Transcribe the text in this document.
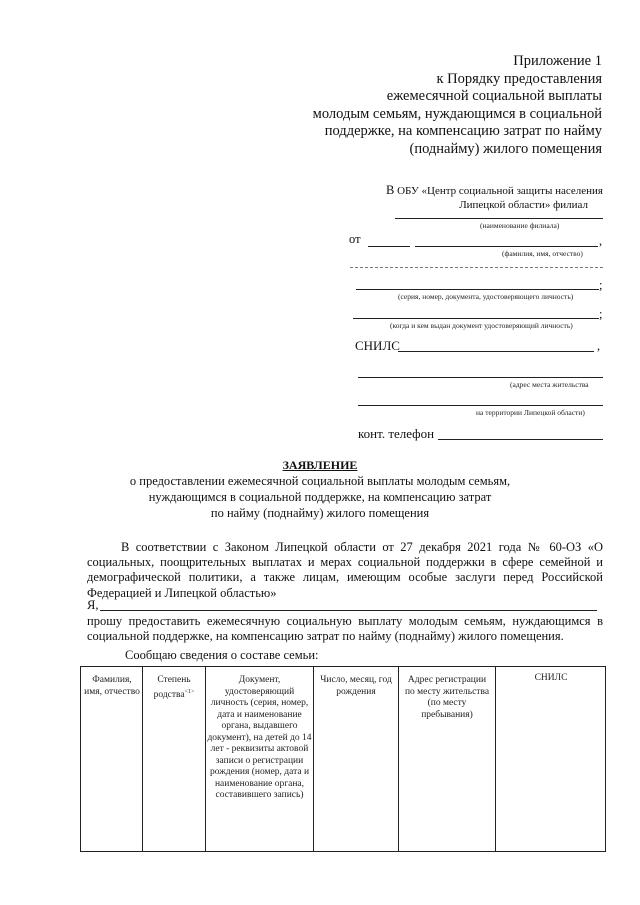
Приложение 1
к Порядку предоставления
ежемесячной социальной выплаты
молодым семьям, нуждающимся в социальной
поддержке, на компенсацию затрат по найму
(поднайму) жилого помещения
В ОБУ «Центр социальной защиты населения
Липецкой области» филиал
(наименование филиала)
от	,
(фамилия, имя, отчество)
;
(серия, номер, документа, удостоверяющего личность)
;
(когда и кем выдан документ удостоверяющий личность)
СНИЛС	,
(адрес места жительства
на территории Липецкой области)
конт. телефон
ЗАЯВЛЕНИЕ
о предоставлении ежемесячной социальной выплаты молодым семьям,
нуждающимся в социальной поддержке, на компенсацию затрат
по найму (поднайму) жилого помещения
В соответствии с Законом Липецкой области от 27 декабря 2021 года № 60-ОЗ «О социальных, поощрительных выплатах и мерах социальной поддержки в сфере семейной и демографической политики, а также лицам, имеющим особые заслуги перед Российской Федерацией и Липецкой областью»
Я,
прошу предоставить ежемесячную социальную выплату молодым семьям, нуждающимся в социальной поддержке, на компенсацию затрат по найму (поднайму) жилого помещения.
Сообщаю сведения о составе семьи:
Фамилия, имя, отчество
Степень родства$^{<1>}$
Документ, удостоверяющий личность (серия, номер, дата и наименование органа, выдавшего документ), на детей до 14 лет - реквизиты актовой записи о регистрации рождения (номер, дата и наименование органа, составившего запись)
Число, месяц, год рождения
Адрес регистрации по месту жительства (по месту пребывания)
СНИЛС
